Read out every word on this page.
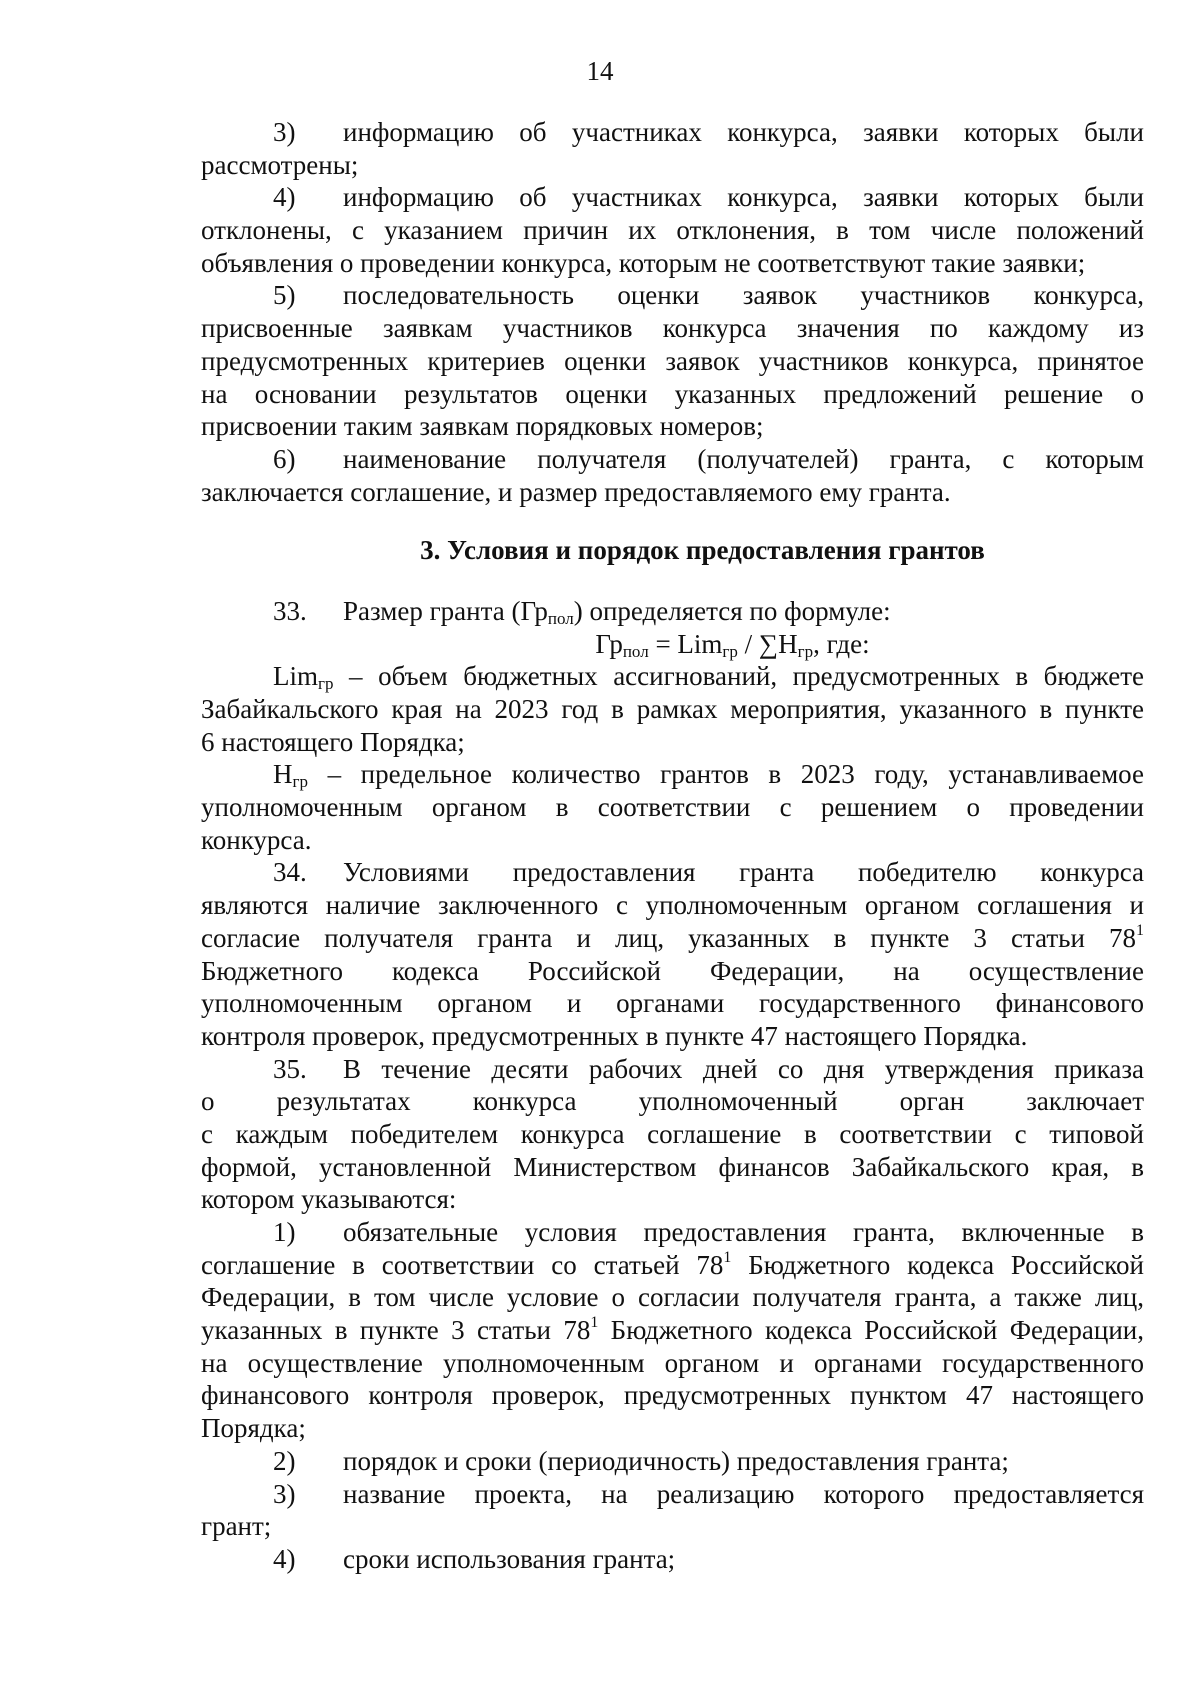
14
3) информацию об участниках конкурса, заявки которых были
рассмотрены;
4) информацию об участниках конкурса, заявки которых были
отклонены, с указанием причин их отклонения, в том числе положений
объявления о проведении конкурса, которым не соответствуют такие заявки;
5) последовательность оценки заявок участников конкурса,
присвоенные заявкам участников конкурса значения по каждому из
предусмотренных критериев оценки заявок участников конкурса, принятое
на основании результатов оценки указанных предложений решение о
присвоении таким заявкам порядковых номеров;
6) наименование получателя (получателей) гранта, с которым
заключается соглашение, и размер предоставляемого ему гранта.
3. Условия и порядок предоставления грантов
33. Размер гранта $(Гр_{пол})$ определяется по формуле:
$Гр_{пол} = Lim_{гр} / \sum Н_{гр}$, где:
Lim$_{гр}$ – объем бюджетных ассигнований, предусмотренных в бюджете
Забайкальского края на 2023 год в рамках мероприятия, указанного в пункте
6 настоящего Порядка;
$Н_{гр}$ – предельное количество грантов в 2023 году, устанавливаемое
уполномоченным органом в соответствии с решением о проведении
конкурса.
34. Условиями предоставления гранта победителю конкурса
являются наличие заключенного с уполномоченным органом соглашения и
согласие получателя гранта и лиц, указанных в пункте 3 статьи $78^1$
Бюджетного кодекса Российской Федерации, на осуществление
уполномоченным органом и органами государственного финансового
контроля проверок, предусмотренных в пункте 47 настоящего Порядка.
35. В течение десяти рабочих дней со дня утверждения приказа
о результатах конкурса уполномоченный орган заключает
с каждым победителем конкурса соглашение в соответствии с типовой
формой, установленной Министерством финансов Забайкальского края, в
котором указываются:
1) обязательные условия предоставления гранта, включенные в
соглашение в соответствии со статьей $78^1$ Бюджетного кодекса Российской
Федерации, в том числе условие о согласии получателя гранта, а также лиц,
указанных в пункте 3 статьи $78^1$ Бюджетного кодекса Российской Федерации,
на осуществление уполномоченным органом и органами государственного
финансового контроля проверок, предусмотренных пунктом 47 настоящего
Порядка;
2) порядок и сроки (периодичность) предоставления гранта;
3) название проекта, на реализацию которого предоставляется
грант;
4) сроки использования гранта;
